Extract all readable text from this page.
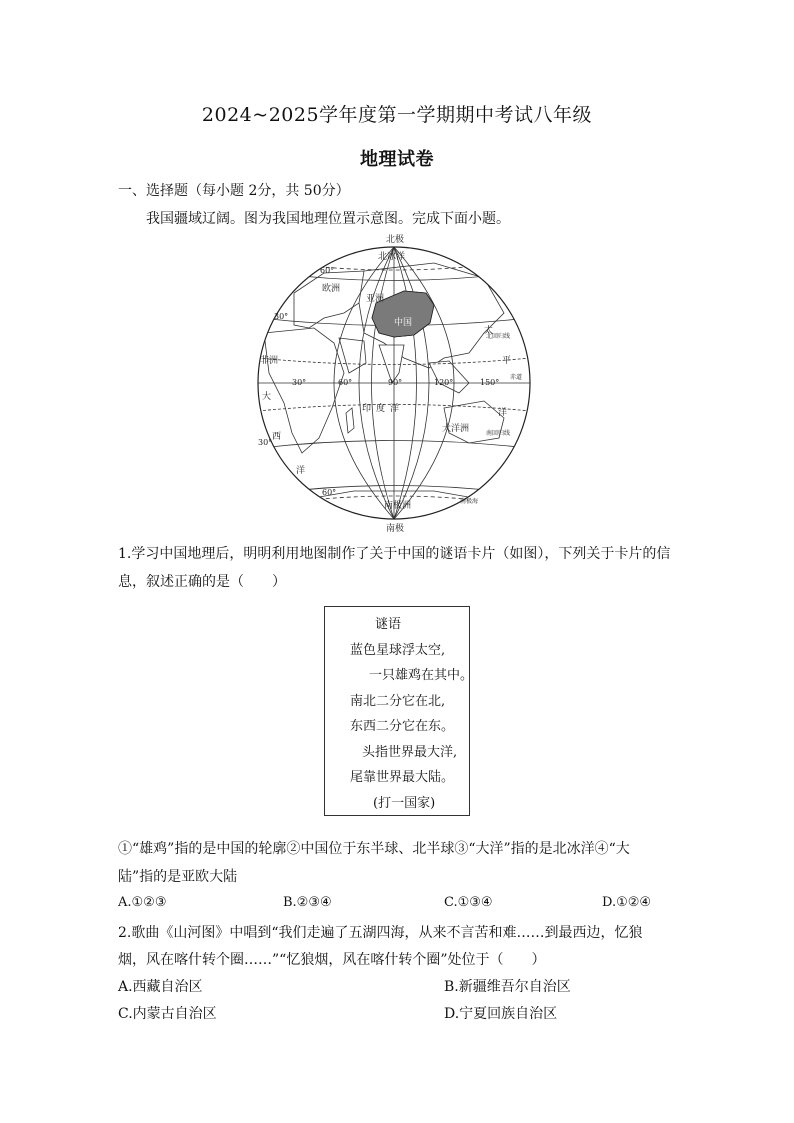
2024~2025学年度第一学期期中考试八年级
地理试卷
一、选择题（每小题 2分，共 50分）
我国疆域辽阔。图为我国地理位置示意图。完成下面小题。
北极
南极
北冰洋
欧洲
亚洲
中国
非洲
印 度 洋
太
平
洋
大
西
洋
大洋洲
南极洲	南极海
北回归线
南回归线
赤道
60°
30°
30°
60°
30°	60°	90°	120°	150°
1.学习中国地理后，明明利用地图制作了关于中国的谜语卡片（如图），下列关于卡片的信
息，叙述正确的是（　　）
谜语
蓝色星球浮太空,
一只雄鸡在其中。
南北二分它在北,
东西二分它在东。
头指世界最大洋,
尾靠世界最大陆。
(打一国家)
①“雄鸡”指的是中国的轮廓②中国位于东半球、北半球③“大洋”指的是北冰洋④“大
陆”指的是亚欧大陆
A.①②③	B.②③④	C.①③④	D.①②④
2.歌曲《山河图》中唱到“我们走遍了五湖四海，从来不言苦和难……到最西边，忆狼
烟，风在喀什转个圈……”“忆狼烟，风在喀什转个圈”处位于（　　）
A.西藏自治区	B.新疆维吾尔自治区
C.内蒙古自治区	D.宁夏回族自治区
